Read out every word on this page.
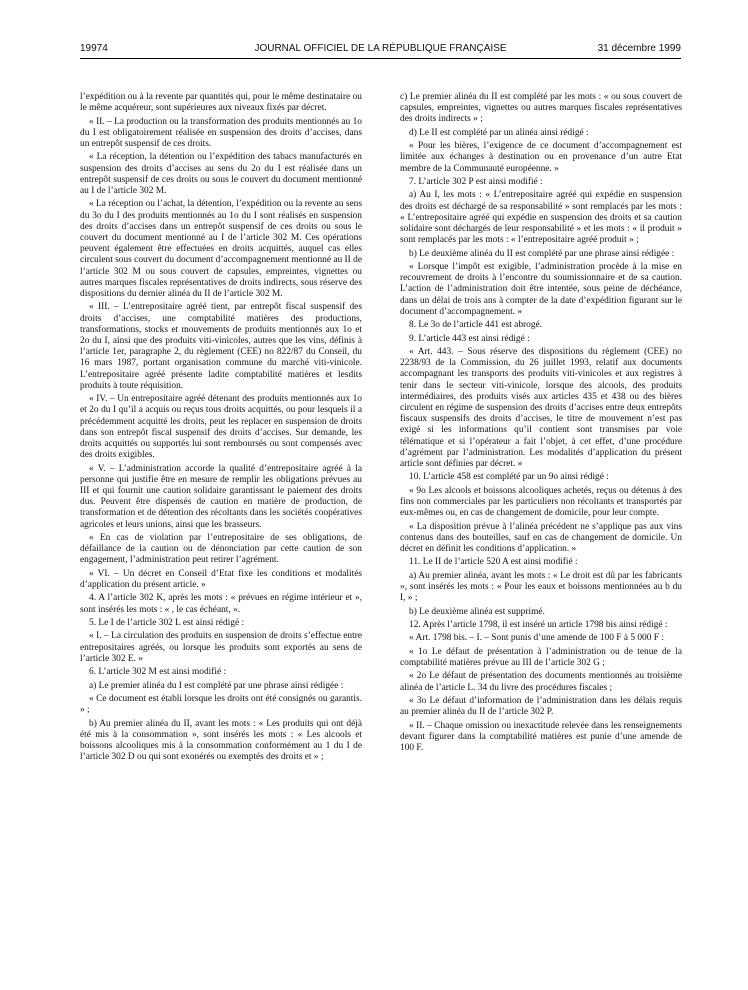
19974	JOURNAL OFFICIEL DE LA RÉPUBLIQUE FRANÇAISE	31 décembre 1999

l’expédition ou à la revente par quantités qui, pour le même destinataire ou le même acquéreur, sont supérieures aux niveaux fixés par décret.

« II. – La production ou la transformation des produits mentionnés au 1o du I est obligatoirement réalisée en suspension des droits d’accises, dans un entrepôt suspensif de ces droits.

« La réception, la détention ou l’expédition des tabacs manufacturés en suspension des droits d’accises au sens du 2o du I est réalisée dans un entrepôt suspensif de ces droits ou sous le couvert du document mentionné au I de l’article 302 M.

« La réception ou l’achat, la détention, l’expédition ou la revente au sens du 3o du I des produits mentionnés au 1o du I sont réalisés en suspension des droits d’accises dans un entrepôt suspensif de ces droits ou sous le couvert du document mentionné au I de l’article 302 M. Ces opérations peuvent également être effectuées en droits acquittés, auquel cas elles circulent sous couvert du document d’accompagnement mentionné au II de l’article 302 M ou sous couvert de capsules, empreintes, vignettes ou autres marques fiscales représentatives de droits indirects, sous réserve des dispositions du dernier alinéa du II de l’article 302 M.

« III. – L’entrepositaire agréé tient, par entrepôt fiscal suspensif des droits d’accises, une comptabilité matières des productions, transformations, stocks et mouvements de produits mentionnés aux 1o et 2o du I, ainsi que des produits viti-vinicoles, autres que les vins, définis à l’article 1er, paragraphe 2, du règlement (CEE) no 822/87 du Conseil, du 16 mars 1987, portant organisation commune du marché viti-vinicole. L’entrepositaire agréé présente ladite comptabilité matières et lesdits produits à toute réquisition.

« IV. – Un entrepositaire agréé détenant des produits mentionnés aux 1o et 2o du I qu’il a acquis ou reçus tous droits acquittés, ou pour lesquels il a précédemment acquitté les droits, peut les replacer en suspension de droits dans son entrepôt fiscal suspensif des droits d’accises. Sur demande, les droits acquittés ou supportés lui sont remboursés ou sont compensés avec des droits exigibles.

« V. – L’administration accorde la qualité d’entrepositaire agréé à la personne qui justifie être en mesure de remplir les obligations prévues au III et qui fournit une caution solidaire garantissant le paiement des droits dus. Peuvent être dispensés de caution en matière de production, de transformation et de détention des récoltants dans les sociétés coopératives agricoles et leurs unions, ainsi que les brasseurs.

« En cas de violation par l’entrepositaire de ses obligations, de défaillance de la caution ou de dénonciation par cette caution de son engagement, l’administration peut retirer l’agrément.

« VI. – Un décret en Conseil d’Etat fixe les conditions et modalités d’application du présent article. »

4. A l’article 302 K, après les mots : « prévues en régime intérieur et », sont insérés les mots : « , le cas échéant, ».

5. Le I de l’article 302 L est ainsi rédigé :

« I. – La circulation des produits en suspension de droits s’effectue entre entrepositaires agréés, ou lorsque les produits sont exportés au sens de l’article 302 E. »

6. L’article 302 M est ainsi modifié :

a) Le premier alinéa du I est complété par une phrase ainsi rédigée :

« Ce document est établi lorsque les droits ont été consignés ou garantis. » ;

b) Au premier alinéa du II, avant les mots : « Les produits qui ont déjà été mis à la consommation », sont insérés les mots : « Les alcools et boissons alcooliques mis à la consommation conformément au 1 du I de l’article 302 D ou qui sont exonérés ou exemptés des droits et » ;

c) Le premier alinéa du II est complété par les mots : « ou sous couvert de capsules, empreintes, vignettes ou autres marques fiscales représentatives des droits indirects » ;

d) Le II est complété par un alinéa ainsi rédigé :

« Pour les bières, l’exigence de ce document d’accompagnement est limitée aux échanges à destination ou en provenance d’un autre Etat membre de la Communauté européenne. »

7. L’article 302 P est ainsi modifié :

a) Au I, les mots : « L’entrepositaire agréé qui expédie en suspension des droits est déchargé de sa responsabilité » sont remplacés par les mots : « L’entrepositaire agréé qui expédie en suspension des droits et sa caution solidaire sont déchargés de leur responsabilité » et les mots : « il produit » sont remplacés par les mots : « l’entrepositaire agréé produit » ;

b) Le deuxième alinéa du II est complété par une phrase ainsi rédigée :

« Lorsque l’impôt est exigible, l’administration procède à la mise en recouvrement de droits à l’encontre du soumissionnaire et de sa caution. L’action de l’administration doit être intentée, sous peine de déchéance, dans un délai de trois ans à compter de la date d’expédition figurant sur le document d’accompagnement. »

8. Le 3o de l’article 441 est abrogé.

9. L’article 443 est ainsi rédigé :

« Art. 443. – Sous réserve des dispositions du règlement (CEE) no 2238/93 de la Commission, du 26 juillet 1993, relatif aux documents accompagnant les transports des produits viti-vinicoles et aux registres à tenir dans le secteur viti-vinicole, lorsque des alcools, des produits intermédiaires, des produits visés aux articles 435 et 438 ou des bières circulent en régime de suspension des droits d’accises entre deux entrepôts fiscaux suspensifs des droits d’accises, le titre de mouvement n’est pas exigé si les informations qu’il contient sont transmises par voie télématique et si l’opérateur a fait l’objet, à cet effet, d’une procédure d’agrément par l’administration. Les modalités d’application du présent article sont définies par décret. »

10. L’article 458 est complété par un 9o ainsi rédigé :

« 9o Les alcools et boissons alcooliques achetés, reçus ou détenus à des fins non commerciales par les particuliers non récoltants et transportés par eux-mêmes ou, en cas de changement de domicile, pour leur compte.

« La disposition prévue à l’alinéa précédent ne s’applique pas aux vins contenus dans des bouteilles, sauf en cas de changement de domicile. Un décret en définit les conditions d’application. »

11. Le II de l’article 520 A est ainsi modifié :

a) Au premier alinéa, avant les mots : « Le droit est dû par les fabricants », sont insérés les mots : « Pour les eaux et boissons mentionnées au b du I, » ;

b) Le deuxième alinéa est supprimé.

12. Après l’article 1798, il est inséré un article 1798 bis ainsi rédigé :

« Art. 1798 bis. – I. – Sont punis d’une amende de 100 F à 5 000 F :

« 1o Le défaut de présentation à l’administration ou de tenue de la comptabilité matières prévue au III de l’article 302 G ;

« 2o Le défaut de présentation des documents mentionnés au troisième alinéa de l’article L. 34 du livre des procédures fiscales ;

« 3o Le défaut d’information de l’administration dans les délais requis au premier alinéa du II de l’article 302 P.

« II. – Chaque omission ou inexactitude relevée dans les renseignements devant figurer dans la comptabilité matières est punie d’une amende de 100 F.
